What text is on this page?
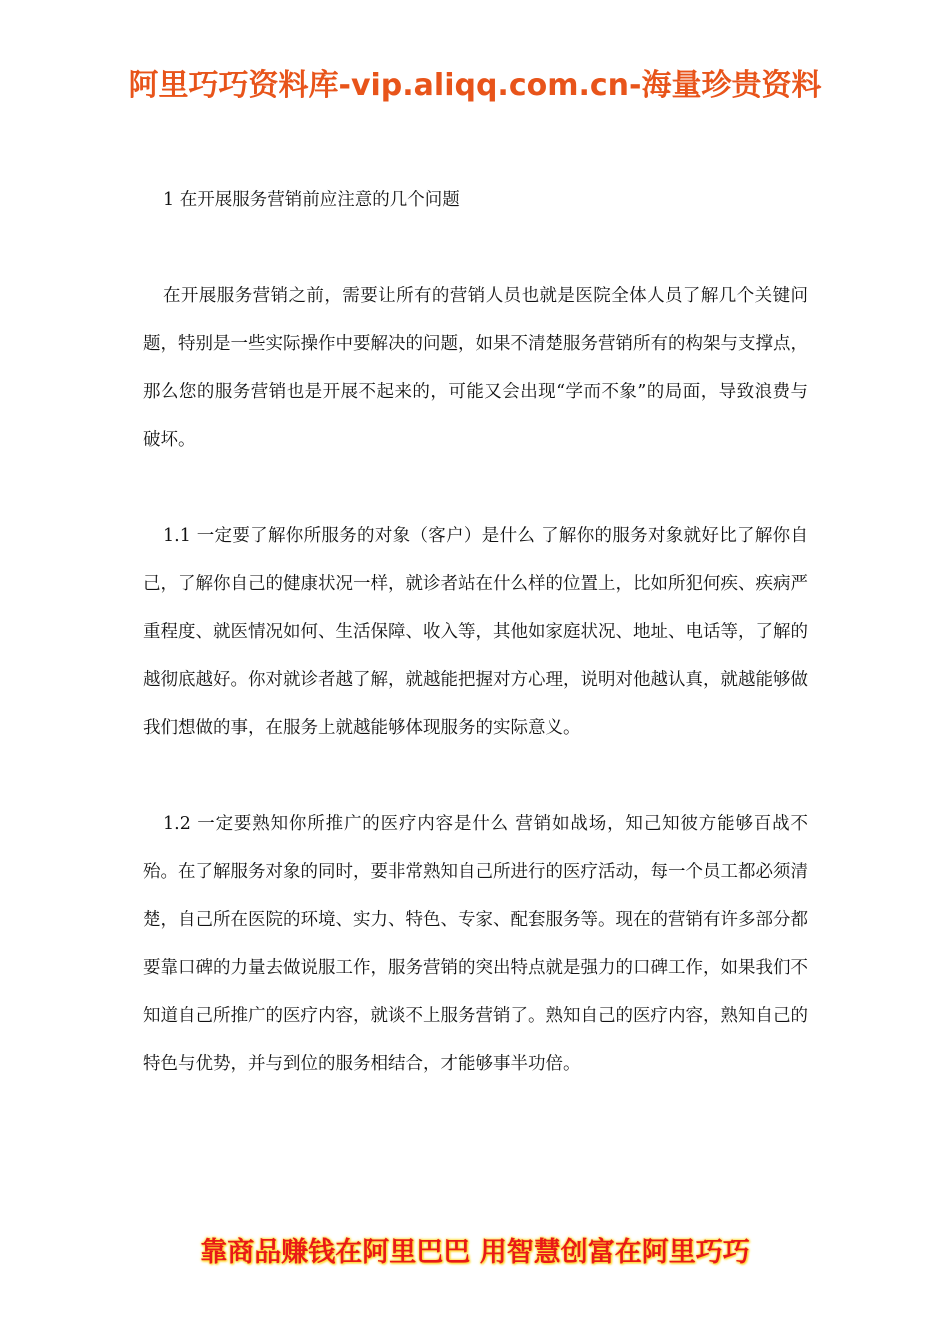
阿里巧巧资料库-vip.aliqq.com.cn-海量珍贵资料
1 在开展服务营销前应注意的几个问题

在开展服务营销之前，需要让所有的营销人员也就是医院全体人员了解几个关键问题，特别是一些实际操作中要解决的问题，如果不清楚服务营销所有的构架与支撑点，那么您的服务营销也是开展不起来的，可能又会出现“学而不象”的局面，导致浪费与破坏。

1.1 一定要了解你所服务的对象（客户）是什么 了解你的服务对象就好比了解你自己，了解你自己的健康状况一样，就诊者站在什么样的位置上，比如所犯何疾、疾病严重程度、就医情况如何、生活保障、收入等，其他如家庭状况、地址、电话等，了解的越彻底越好。你对就诊者越了解，就越能把握对方心理，说明对他越认真，就越能够做我们想做的事，在服务上就越能够体现服务的实际意义。

1.2 一定要熟知你所推广的医疗内容是什么 营销如战场，知己知彼方能够百战不殆。在了解服务对象的同时，要非常熟知自己所进行的医疗活动，每一个员工都必须清楚，自己所在医院的环境、实力、特色、专家、配套服务等。现在的营销有许多部分都要靠口碑的力量去做说服工作，服务营销的突出特点就是强力的口碑工作，如果我们不知道自己所推广的医疗内容，就谈不上服务营销了。熟知自己的医疗内容，熟知自己的特色与优势，并与到位的服务相结合，才能够事半功倍。

靠商品赚钱在阿里巴巴 用智慧创富在阿里巧巧
